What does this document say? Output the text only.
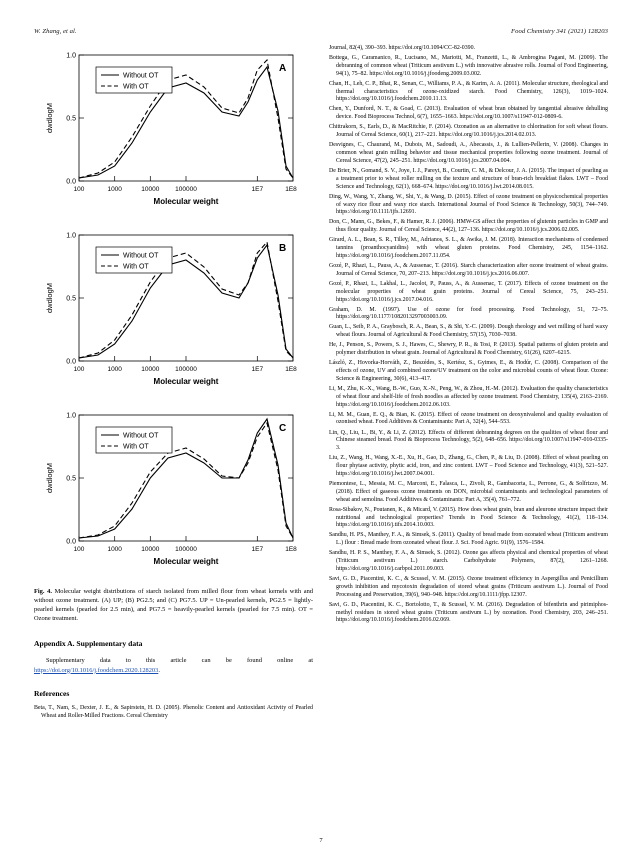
W. Zhang, et al.	Food Chemistry 341 (2021) 128203
0.0
0.5
1.0
100	1000	10000 100000	1E7	1E8
Molecular weight
dwdlogM
A
Without OT
With OT
0.0
0.5
1.0
100	1000	10000 100000	1E7	1E8
Molecular weight
dwdlogM
B
Without OT
With OT
0.0
0.5
1.0
100	1000	10000 100000	1E7	1E8
Molecular weight
dwdlogM
C
Without OT
With OT
Fig. 4. Molecular weight distributions of starch isolated from milled flour from wheat kernels with and without ozone treatment. (A) UP; (B) PG2.5; and (C) PG7.5. UP = Un-pearled kernels, PG2.5 = lightly-pearled kernels (pearled for 2.5 min), and PG7.5 = heavily-pearled kernels (pearled for 7.5 min). OT = Ozone treatment.
Appendix A. Supplementary data
Supplementary data to this article can be found online at https://doi.org/10.1016/j.foodchem.2020.128203.
References
Beta, T., Nam, S., Dexter, J. E., & Sapirstein, H. D. (2005). Phenolic Content and Antioxidant Activity of Pearled Wheat and Roller-Milled Fractions. Cereal Chemistry
Journal, 82(4), 390–393. https://doi.org/10.1094/CC-82-0390.
Bottega, G., Caramanico, R., Lucisano, M., Mariotti, M., Franzetti, L., & Ambrogina Pagani, M. (2009). The debranning of common wheat (Triticum aestivum L.) with innovative abrasive rolls. Journal of Food Engineering, 94(1), 75–82. https://doi.org/10.1016/j.jfoodeng.2009.03.002.
Chan, H., Leh, C. P., Bhat, R., Senan, C., Williams, P. A., & Karim, A. A. (2011). Molecular structure, rheological and thermal characteristics of ozone-oxidized starch. Food Chemistry, 126(3), 1019–1024. https://doi.org/10.1016/j.foodchem.2010.11.13.
Chen, Y., Dunford, N. T., & Goad, C. (2013). Evaluation of wheat bran obtained by tangential abrasive dehulling device. Food Bioprocess Technol, 6(7), 1655–1663. https://doi.org/10.1007/s11947-012-0809-6.
Chittrakorn, S., Earls, D., & MacRitchie, F. (2014). Ozonation as an alternative to chlorination for soft wheat flours. Journal of Cereal Science, 60(1), 217–221. https://doi.org/10.1016/j.jcs.2014.02.013.
Desvignes, C., Chaurand, M., Dubois, M., Sadoudi, A., Abecassis, J., & Lullien-Pellerin, V. (2008). Changes in common wheat grain milling behavior and tissue mechanical properties following ozone treatment. Journal of Cereal Science, 47(2), 245–251. https://doi.org/10.1016/j.jcs.2007.04.004.
De Brier, N., Gomand, S. V., Joye, I. J., Pareyt, B., Courtin, C. M., & Delcour, J. A. (2015). The impact of pearling as a treatment prior to wheat roller milling on the texture and structure of bran-rich breakfast flakes. LWT – Food Science and Technology, 62(1), 668–674. https://doi.org/10.1016/j.lwt.2014.08.015.
Ding, W., Wang, Y., Zhang, W., Shi, Y., & Wang, D. (2015). Effect of ozone treatment on physicochemical properties of waxy rice flour and waxy rice starch. International Journal of Food Science & Technology, 50(3), 744–749. https://doi.org/10.1111/ijfs.12691.
Don, C., Mann, G., Bekes, F., & Hamer, R. J. (2006). HMW-GS affect the properties of glutenin particles in GMP and thus flour quality. Journal of Cereal Science, 44(2), 127–136. https://doi.org/10.1016/j.jcs.2006.02.005.
Girard, A. L., Bean, S. R., Tilley, M., Adrianos, S. L., & Awika, J. M. (2018). Interaction mechanisms of condensed tannins (proanthocyanidins) with wheat gluten proteins. Food Chemistry, 245, 1154–1162. https://doi.org/10.1016/j.foodchem.2017.11.054.
Gozé, P., Rhazi, L., Pauss, A., & Aussenac, T. (2016). Starch characterization after ozone treatment of wheat grains. Journal of Cereal Science, 70, 207–213. https://doi.org/10.1016/j.jcs.2016.06.007.
Gozé, P., Rhazi, L., Lakhal, L., Jacolot, P., Pauss, A., & Aussenac, T. (2017). Effects of ozone treatment on the molecular properties of wheat grain proteins. Journal of Cereal Science, 75, 243–251. https://doi.org/10.1016/j.jcs.2017.04.016.
Graham, D. M. (1997). Use of ozone for food processing. Food Technology, 51, 72–75. https://doi.org/10.1177/1082013297003003.09.
Guan, L., Seib, P. A., Graybosch, R. A., Bean, S., & Shi, Y.-C. (2009). Dough rheology and wet milling of hard waxy wheat flours. Journal of Agricultural & Food Chemistry, 57(15), 7030–7038.
He, J., Penson, S., Powers, S. J., Hawes, C., Shewry, P. R., & Tosi, P. (2013). Spatial patterns of gluten protein and polymer distribution in wheat grain. Journal of Agricultural & Food Chemistry, 61(26), 6207–6215.
László, Z., Hovorka-Horváth, Z., Beszédes, S., Kertész, S., Gyimes, E., & Hodúr, C. (2008). Comparison of the effects of ozone, UV and combined ozone/UV treatment on the color and microbial counts of wheat flour. Ozone: Science & Engineering, 30(6), 413–417.
Li, M., Zhu, K.-X., Wang, B.-W., Guo, X.-N., Peng, W., & Zhou, H.-M. (2012). Evaluation the quality characteristics of wheat flour and shelf-life of fresh noodles as affected by ozone treatment. Food Chemistry, 135(4), 2163–2169. https://doi.org/10.1016/j.foodchem.2012.06.103.
Li, M. M., Guan, E. Q., & Bian, K. (2015). Effect of ozone treatment on deoxynivalenol and quality evaluation of ozonised wheat. Food Additives & Contaminants: Part A, 32(4), 544–553.
Lin, Q., Liu, L., Bi, Y., & Li, Z. (2012). Effects of different debranning degrees on the qualities of wheat flour and Chinese steamed bread. Food & Bioprocess Technology, 5(2), 648–656. https://doi.org/10.1007/s11947-010-0335-3.
Liu, Z., Wang, H., Wang, X.-E., Xu, H., Gao, D., Zhang, G., Chen, P., & Liu, D. (2008). Effect of wheat pearling on flour phytase activity, phytic acid, iron, and zinc content. LWT – Food Science and Technology, 41(3), 521–527. https://doi.org/10.1016/j.lwt.2007.04.001.
Piemontese, L., Messia, M. C., Marconi, E., Falasca, L., Zivoli, R., Gambacorta, L., Perrone, G., & Solfrizzo, M. (2018). Effect of gaseous ozone treatments on DON, microbial contaminants and technological parameters of wheat and semolina. Food Additives & Contaminants: Part A, 35(4), 761–772.
Rosa-Sibakov, N., Poutanen, K., & Micard, V. (2015). How does wheat grain, bran and aleurone structure impact their nutritional and technological properties? Trends in Food Science & Technology, 41(2), 118–134. https://doi.org/10.1016/j.tifs.2014.10.003.
Sandhu, H. PS., Manthey, F. A., & Simsek, S. (2011). Quality of bread made from ozonated wheat (Triticum aestivum L.) flour : Bread made from ozonated wheat flour. J. Sci. Food Agric. 91(9), 1576–1584.
Sandhu, H. P. S., Manthey, F. A., & Simsek, S. (2012). Ozone gas affects physical and chemical properties of wheat (Triticum aestivum L.) starch. Carbohydrate Polymers, 87(2), 1261–1268. https://doi.org/10.1016/j.carbpol.2011.09.003.
Savi, G. D., Piacentini, K. C., & Scussel, V. M. (2015). Ozone treatment efficiency in Aspergillus and Penicillium growth inhibition and mycotoxin degradation of stored wheat grains (Triticum aestivum L.). Journal of Food Processing and Preservation, 39(6), 940–948. https://doi.org/10.1111/jfpp.12307.
Savi, G. D., Piacentini, K. C., Bortolotto, T., & Scussel, V. M. (2016). Degradation of bifenthrin and pirimiphos-methyl residues in stored wheat grains (Triticum aestivum L.) by ozonation. Food Chemistry, 203, 246–251. https://doi.org/10.1016/j.foodchem.2016.02.069.
7
